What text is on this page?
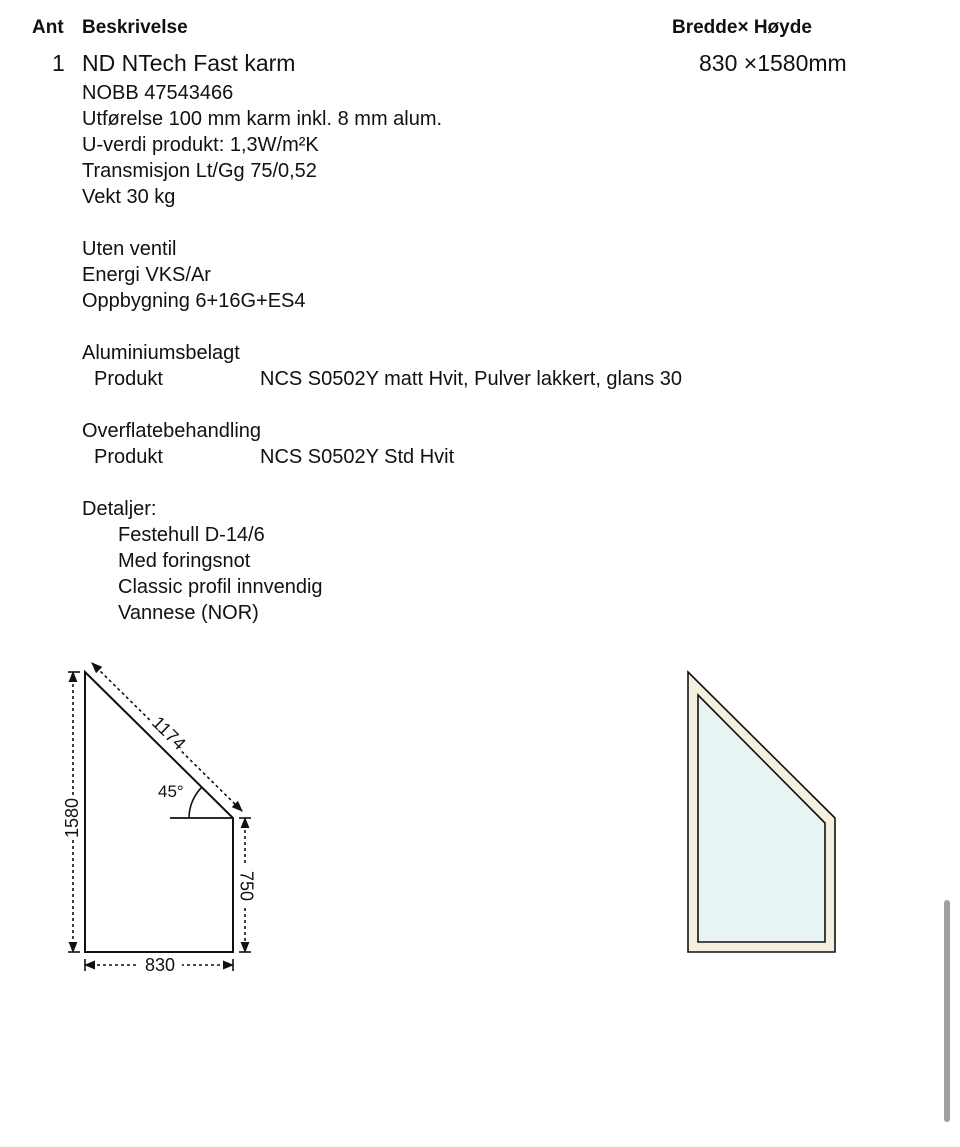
Ant Beskrivelse	Bredde× Høyde
1 ND NTech Fast karm	830 ×1580mm
NOBB 47543466
Utførelse 100 mm karm inkl. 8 mm alum.
U-verdi produkt: 1,3W/m²K
Transmisjon Lt/Gg 75/0,52
Vekt 30 kg
Uten ventil
Energi VKS/Ar
Oppbygning 6+16G+ES4
Aluminiumsbelagt
Produkt	NCS S0502Y matt Hvit, Pulver lakkert, glans 30
Overflatebehandling
Produkt	NCS S0502Y Std Hvit
Detaljer:
Festehull D-14/6
Med foringsnot
Classic profil innvendig
Vannese (NOR)
1580
830
1174
750
45°
